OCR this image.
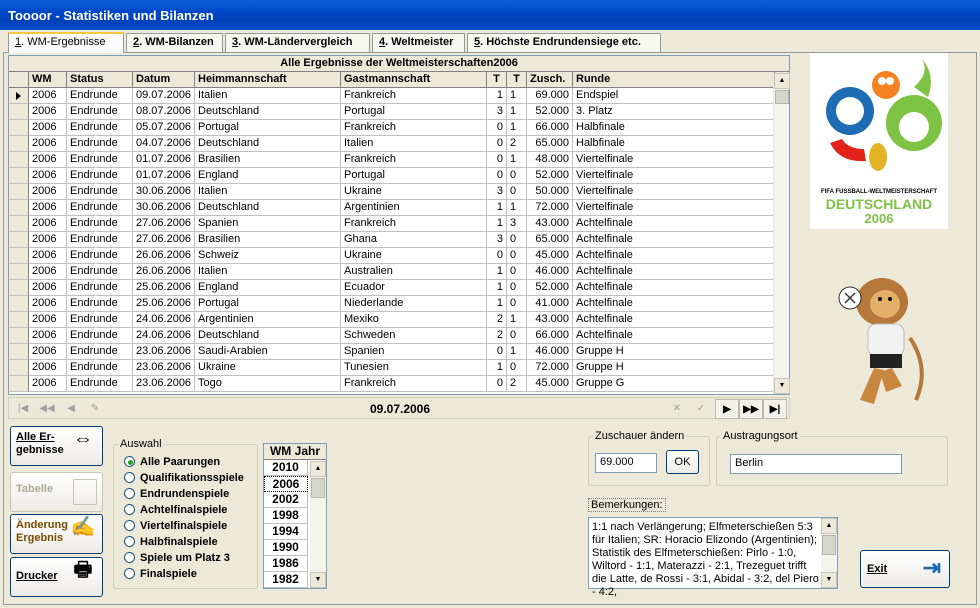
Toooor - Statistiken und Bilanzen
1. WM-Ergebnisse	2. WM-Bilanzen	3. WM-Ländervergleich	4. Weltmeister	5. Höchste Endrundensiege etc.
Alle Ergebnisse der Weltmeisterschaften2006
WM	Status	Datum	Heimmannschaft	Gastmannschaft	T	T Zusch. Runde
2006	Endrunde	09.07.2006 Italien	Frankreich	1 1	69.000 Endspiel
2006	Endrunde	08.07.2006 Deutschland	Portugal	3 1	52.000 3. Platz
2006	Endrunde	05.07.2006 Portugal	Frankreich	0 1	66.000 Halbfinale
2006	Endrunde	04.07.2006 Deutschland	Italien	0 2	65.000 Halbfinale
2006	Endrunde	01.07.2006 Brasilien	Frankreich	0 1	48.000 Viertelfinale
2006	Endrunde	01.07.2006 England	Portugal	0 0	52.000 Viertelfinale
2006	Endrunde	30.06.2006 Italien	Ukraine	3 0	50.000 Viertelfinale
2006	Endrunde	30.06.2006 Deutschland	Argentinien	1 1	72.000 Viertelfinale
2006	Endrunde	27.06.2006 Spanien	Frankreich	1 3	43.000 Achtelfinale
2006	Endrunde	27.06.2006 Brasilien	Ghana	3 0	65.000 Achtelfinale
2006	Endrunde	26.06.2006 Schweiz	Ukraine	0 0	45.000 Achtelfinale
2006	Endrunde	26.06.2006 Italien	Australien	1 0	46.000 Achtelfinale
2006	Endrunde	25.06.2006 England	Ecuador	1 0	52.000 Achtelfinale
2006	Endrunde	25.06.2006 Portugal	Niederlande	1 0	41.000 Achtelfinale
2006	Endrunde	24.06.2006 Argentinien	Mexiko	2 1	43.000 Achtelfinale
2006	Endrunde	24.06.2006 Deutschland	Schweden	2 0	66.000 Achtelfinale
2006	Endrunde	23.06.2006 Saudi-Arabien	Spanien	0 1	46.000 Gruppe H
2006	Endrunde	23.06.2006 Ukraine	Tunesien	1 0	72.000 Gruppe H
2006	Endrunde	23.06.2006 Togo	Frankreich	0 2	45.000 Gruppe G
▲
▼
|◀	◀◀	◀	✎	09.07.2006	✕	✓	▶	▶▶	▶|
Alle Er-
gebnisse ⇔
Tabelle
Änderung
Ergebnis ✍
Drucker 🖶
Auswahl
Alle Paarungen
Qualifikationsspiele
Endrundenspiele
Achtelfinalspiele
Viertelfinalspiele
Halbfinalspiele
Spiele um Platz 3
Finalspiele
WM Jahr
2010
2006
2002
1998
1994
1990
1986
1982
▲
▼
Zuschauer ändern
69.000	OK
Austragungsort
Berlin
Bemerkungen:
1:1 nach Verlängerung; Elfmeterschießen 5:3 für Italien; SR: Horacio Elizondo (Argentinien); Statistik des Elfmeterschießen: Pirlo - 1:0, Wiltord - 1:1, Materazzi - 2:1, Trezeguet trifft die Latte, de Rossi - 3:1, Abidal - 3:2, del Piero - 4:2,
▲
▼
Exit ⇥
FIFA FUSSBALL-WELTMEISTERSCHAFT
DEUTSCHLAND
2006
